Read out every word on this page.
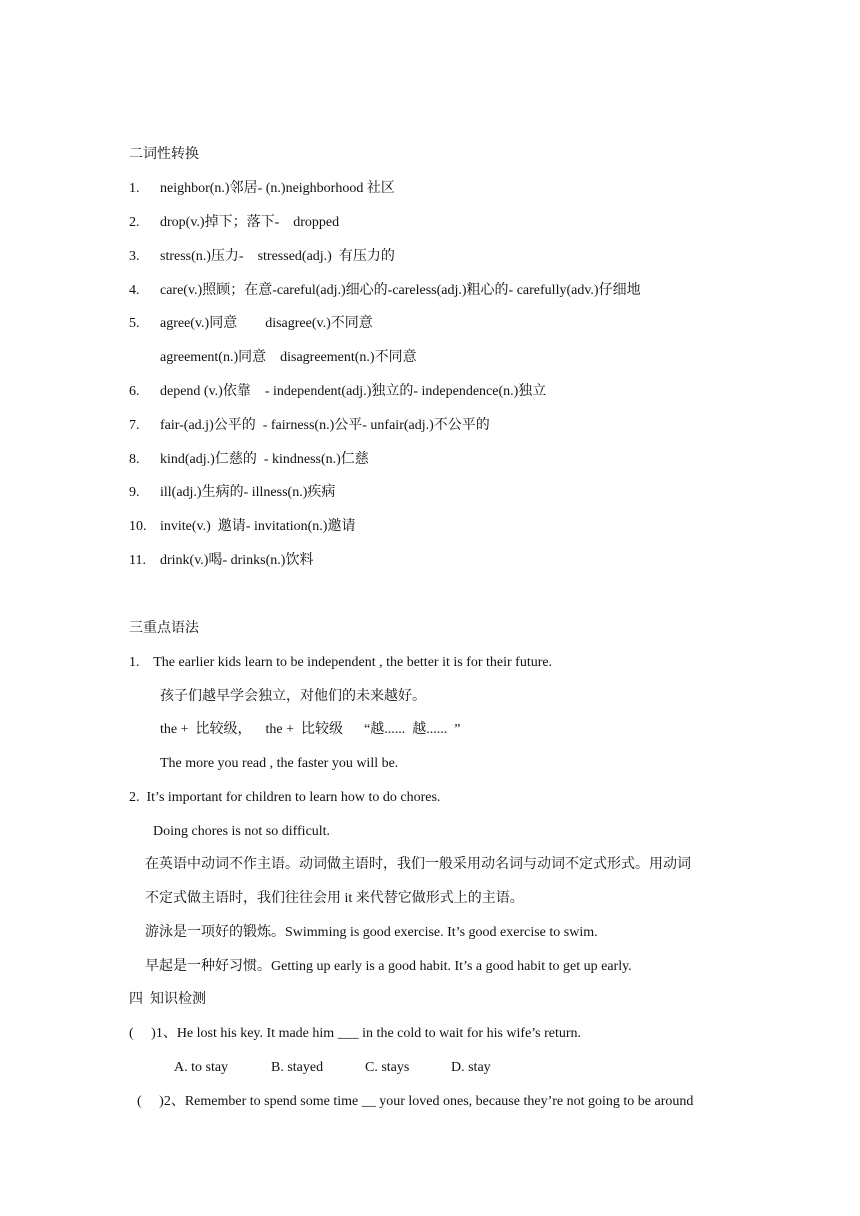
二词性转换
1. neighbor(n.)邻居- (n.)neighborhood 社区
2. drop(v.)掉下；落下-    dropped
3. stress(n.)压力-    stressed(adj.)  有压力的
4. care(v.)照顾；在意-careful(adj.)细心的-careless(adj.)粗心的- carefully(adv.)仔细地
5. agree(v.)同意        disagree(v.)不同意
agreement(n.)同意    disagreement(n.)不同意
6. depend (v.)依靠    - independent(adj.)独立的- independence(n.)独立
7. fair-(ad.j)公平的  - fairness(n.)公平- unfair(adj.)不公平的
8. kind(adj.)仁慈的  - kindness(n.)仁慈
9. ill(adj.)生病的- illness(n.)疾病
10. invite(v.)  邀请- invitation(n.)邀请
11. drink(v.)喝- drinks(n.)饮料
三重点语法
1.    The earlier kids learn to be independent , the better it is for their future.
孩子们越早学会独立，对他们的未来越好。
the +  比较级，    the +  比较级      “越......  越......  ”
The more you read , the faster you will be.
2.  It’s important for children to learn how to do chores.
Doing chores is not so difficult.
在英语中动词不作主语。动词做主语时，我们一般采用动名词与动词不定式形式。用动词
不定式做主语时，我们往往会用 it 来代替它做形式上的主语。
游泳是一项好的锻炼。Swimming is good exercise. It’s good exercise to swim.
早起是一种好习惯。Getting up early is a good habit. It’s a good habit to get up early.
四  知识检测
(     )1、He lost his key. It made him ___ in the cold to wait for his wife’s return.
A. to stay	B. stayed	C. stays	D. stay
(     )2、Remember to spend some time __ your loved ones, because they’re not going to be around
